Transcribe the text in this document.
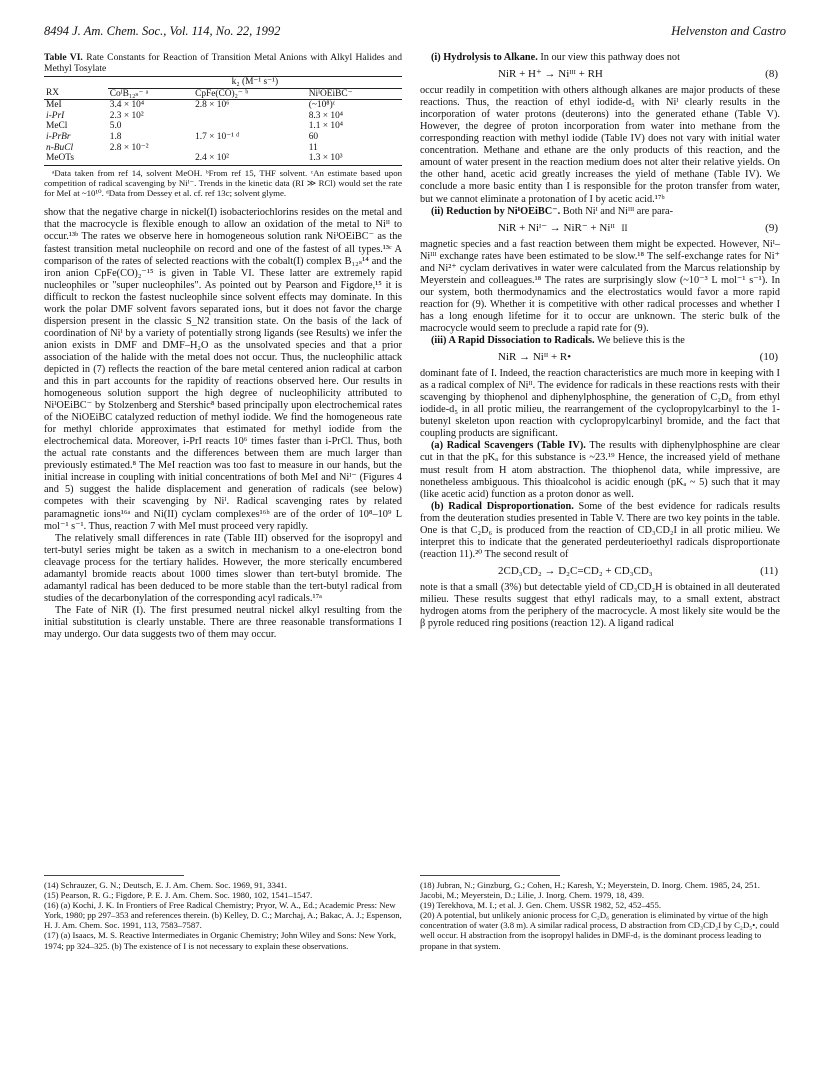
8494 J. Am. Chem. Soc., Vol. 114, No. 22, 1992	Helvenston and Castro
Table VI. Rate Constants for Reaction of Transition Metal Anions with Alkyl Halides and Methyl Tosylate
	k₂ (M⁻¹ s⁻¹)		
RX	CoᴵB₁₂ₛ⁻ ᵃ	CpFe(CO)₂⁻ ᵇ	NiᴵOEiBC⁻
MeI	3.4 × 10⁴	2.8 × 10⁶	(~10⁸)ᶜ
i-PrI	2.3 × 10²		8.3 × 10⁴
MeCl	5.0		1.1 × 10⁴
i-PrBr	1.8	1.7 × 10⁻¹ ᵈ	60
n-BuCl	2.8 × 10⁻²		11
MeOTs		2.4 × 10²	1.3 × 10³
ᵃData taken from ref 14, solvent MeOH. ᵇFrom ref 15, THF solvent. ᶜAn estimate based upon competition of radical scavenging by Niᴵ⁻. Trends in the kinetic data (RI ≫ RCl) would set the rate for MeI at ~10¹⁰. ᵈData from Dessey et al. cf. ref 13c; solvent glyme.

show that the negative charge in nickel(I) isobacteriochlorins resides on the metal and that the macrocycle is flexible enough to allow an oxidation of the metal to Niᴵᴵ to occur.¹³ᵇ The rates we observe here in homogeneous solution rank NiᴵOEiBC⁻ as the fastest transition metal nucleophile on record and one of the fastest of all types.¹³ᶜ A comparison of the rates of selected reactions with the cobalt(I) complex B₁₂ₛ¹⁴ and the iron anion CpFe(CO)₂⁻¹⁵ is given in Table VI. These latter are extremely rapid nucleophiles or "super nucleophiles". As pointed out by Pearson and Figdore,¹⁵ it is difficult to reckon the fastest nucleophile since solvent effects may dominate. In this work the polar DMF solvent favors separated ions, but it does not favor the charge dispersion present in the classic S_N2 transition state. On the basis of the lack of coordination of Niᴵ by a variety of potentially strong ligands (see Results) we infer the anion exists in DMF and DMF–H₂O as the unsolvated species and that a prior association of the halide with the metal does not occur. Thus, the nucleophilic attack depicted in (7) reflects the reaction of the bare metal centered anion radical at carbon and this in part accounts for the rapidity of reactions observed here. Our results in homogeneous solution support the high degree of nucleophilicity attributed to NiᴵOEiBC⁻ by Stolzenberg and Stershic⁸ based principally upon electrochemical rates of the NiOEiBC catalyzed reduction of methyl iodide. We find the homogeneous rate for methyl chloride approximates that estimated for methyl iodide from the electrochemical data. Moreover, i-PrI reacts 10⁶ times faster than i-PrCl. Thus, both the actual rate constants and the differences between them are much larger than previously estimated.⁸ The MeI reaction was too fast to measure in our hands, but the initial increase in coupling with initial concentrations of both MeI and Niᴵ⁻ (Figures 4 and 5) suggest the halide displacement and generation of radicals (see below) competes with their scavenging by Niᴵ. Radical scavenging rates by related paramagnetic ions¹⁶ᵃ and Ni(II) cyclam complexes¹⁶ᵇ are of the order of 10⁸–10⁹ L mol⁻¹ s⁻¹. Thus, reaction 7 with MeI must proceed very rapidly.

The relatively small differences in rate (Table III) observed for the isopropyl and tert-butyl series might be taken as a switch in mechanism to a one-electron bond cleavage process for the tertiary halides. However, the more sterically encumbered adamantyl bromide reacts about 1000 times slower than tert-butyl bromide. The adamantyl radical has been deduced to be more stable than the tert-butyl radical from studies of the decarbonylation of the corresponding acyl radicals.¹⁷ᵃ

The Fate of NiR (I). The first presumed neutral nickel alkyl resulting from the initial substitution is clearly unstable. There are three reasonable transformations I may undergo. Our data suggests two of them may occur.

(i) Hydrolysis to Alkane. In our view this pathway does not

NiR + H⁺ → Niᴵᴵᴵ + RH	(8)

occur readily in competition with others although alkanes are major products of these reactions. Thus, the reaction of ethyl iodide-d₅ with Niᴵ clearly results in the incorporation of water protons (deuterons) into the generated ethane (Table V). However, the degree of proton incorporation from water into methane from the corresponding reaction with methyl iodide (Table IV) does not vary with initial water concentration. Methane and ethane are the only products of this reaction, and the amount of water present in the reaction medium does not alter their relative yields. On the other hand, acetic acid greatly increases the yield of methane (Table IV). We conclude a more basic entity than I is responsible for the proton transfer from water, but we cannot eliminate a protonation of I by acetic acid.¹⁷ᵇ

(ii) Reduction by NiᴵOEiBC⁻. Both Niᴵ and Niᴵᴵᴵ are para-

NiR + Niᴵ⁻ → NiR⁻ + Niᴵᴵ II	(9)

magnetic species and a fast reaction between them might be expected. However, Niᴵ–Niᴵᴵᴵ exchange rates have been estimated to be slow.¹⁸ The self-exchange rates for Ni⁺ and Ni²⁺ cyclam derivatives in water were calculated from the Marcus relationship by Meyerstein and colleagues.¹⁸ The rates are surprisingly slow (~10⁻³ L mol⁻¹ s⁻¹). In our system, both thermodynamics and the electrostatics would favor a more rapid reaction for (9). Whether it is competitive with other radical processes and whether I has a long enough lifetime for it to occur are unknown. The steric bulk of the macrocycle would seem to preclude a rapid rate for (9).

(iii) A Rapid Dissociation to Radicals. We believe this is the

NiR → Niᴵᴵ + R•	(10)

dominant fate of I. Indeed, the reaction characteristics are much more in keeping with I as a radical complex of Niᴵᴵ. The evidence for radicals in these reactions rests with their scavenging by thiophenol and diphenylphosphine, the generation of C₂D₆ from ethyl iodide-d₅ in all protic milieu, the rearrangement of the cyclopropylcarbinyl to the 1-butenyl skeleton upon reaction with cyclopropylcarbinyl bromide, and the fact that coupling products are significant.

(a) Radical Scavengers (Table IV). The results with diphenylphosphine are clear cut in that the pKₐ for this substance is ~23.¹⁹ Hence, the increased yield of methane must result from H atom abstraction. The thiophenol data, while impressive, are nonetheless ambiguous. This thioalcohol is acidic enough (pKₐ ~ 5) such that it may (like acetic acid) function as a proton donor as well.

(b) Radical Disproportionation. Some of the best evidence for radicals results from the deuteration studies presented in Table V. There are two key points in the table. One is that C₂D₆ is produced from the reaction of CD₃CD₂I in all protic milieu. We interpret this to indicate that the generated perdeuterioethyl radicals disproportionate (reaction 11).²⁰ The second result of

2CD₃CD₂ → D₂C=CD₂ + CD₃CD₃	(11)

note is that a small (3%) but detectable yield of CD₃CD₂H is obtained in all deuterated milieu. These results suggest that ethyl radicals may, to a small extent, abstract hydrogen atoms from the periphery of the macrocycle. A most likely site would be the β pyrole reduced ring positions (reaction 12). A ligand radical

(14) Schrauzer, G. N.; Deutsch, E. J. Am. Chem. Soc. 1969, 91, 3341.
(15) Pearson, R. G.; Figdore, P. E. J. Am. Chem. Soc. 1980, 102, 1541–1547.
(16) (a) Kochi, J. K. In Frontiers of Free Radical Chemistry; Pryor, W. A., Ed.; Academic Press: New York, 1980; pp 297–353 and references therein. (b) Kelley, D. C.; Marchaj, A.; Bakac, A. J.; Espenson, H. J. Am. Chem. Soc. 1991, 113, 7583–7587.
(17) (a) Isaacs, M. S. Reactive Intermediates in Organic Chemistry; John Wiley and Sons: New York, 1974; pp 324–325. (b) The existence of I is not necessary to explain these observations.
(18) Jubran, N.; Ginzburg, G.; Cohen, H.; Karesh, Y.; Meyerstein, D. Inorg. Chem. 1985, 24, 251. Jacobi, M.; Meyerstein, D.; Lilie, J. Inorg. Chem. 1979, 18, 439.
(19) Terekhova, M. I.; et al. J. Gen. Chem. USSR 1982, 52, 452–455.
(20) A potential, but unlikely anionic process for C₂D₆ generation is eliminated by virtue of the high concentration of water (3.8 m). A similar radical process, D abstraction from CD₃CD₂I by C₂D₅•, could well occur. H abstraction from the isopropyl halides in DMF-d₇ is the dominant process leading to propane in that system.
